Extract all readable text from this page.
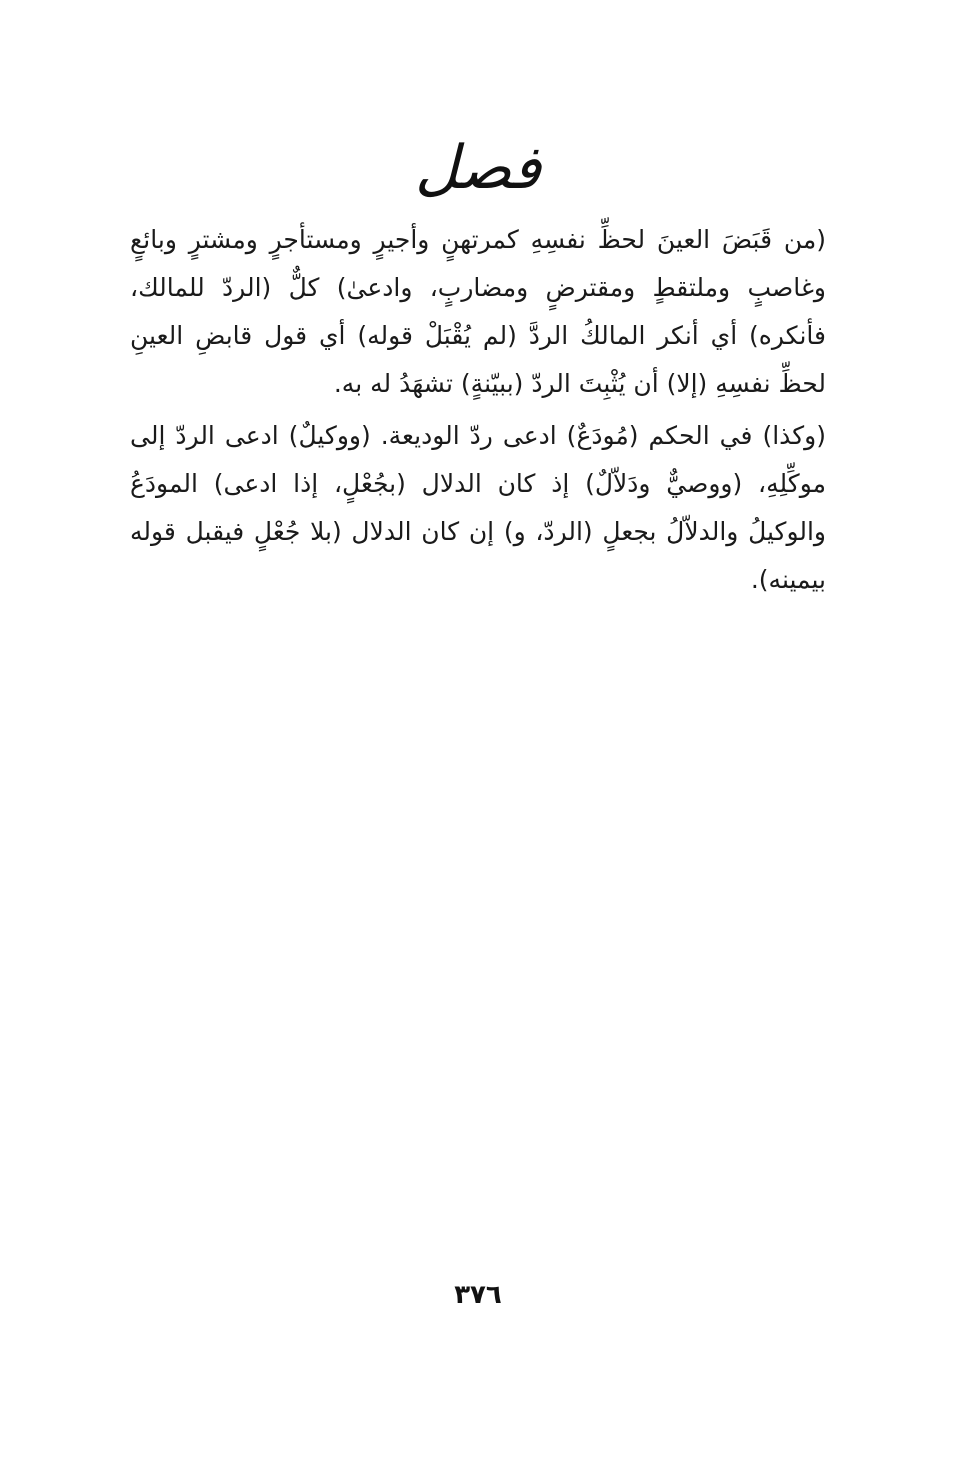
فصل

(من قَبَضَ العينَ لحظِّ نفسِهِ كمرتهنٍ وأجيرٍ ومستأجرٍ ومشترٍ وبائعٍ وغاصبٍ وملتقطٍ ومقترضٍ ومضاربٍ، وادعىٰ) كلٌّ (الردّ للمالك، فأنكره) أي أنكر المالكُ الردَّ (لم يُقْبَلْ قوله) أي قول قابضِ العينِ لحظِّ نفسِهِ (إلا) أن يُثْبِتَ الردّ (ببيّنةٍ) تشهَدُ له به.

(وكذا) في الحكم (مُودَعٌ) ادعى ردّ الوديعة. (ووكيلٌ) ادعى الردّ إلى موكِّلِهِ، (ووصيٌّ ودَلاّلٌ) إذ كان الدلال (بجُعْلٍ، إذا ادعى) المودَعُ والوكيلُ والدلاّلُ بجعلٍ (الردّ، و) إن كان الدلال (بلا جُعْلٍ فيقبل قوله بيمينه).

٣٧٦
